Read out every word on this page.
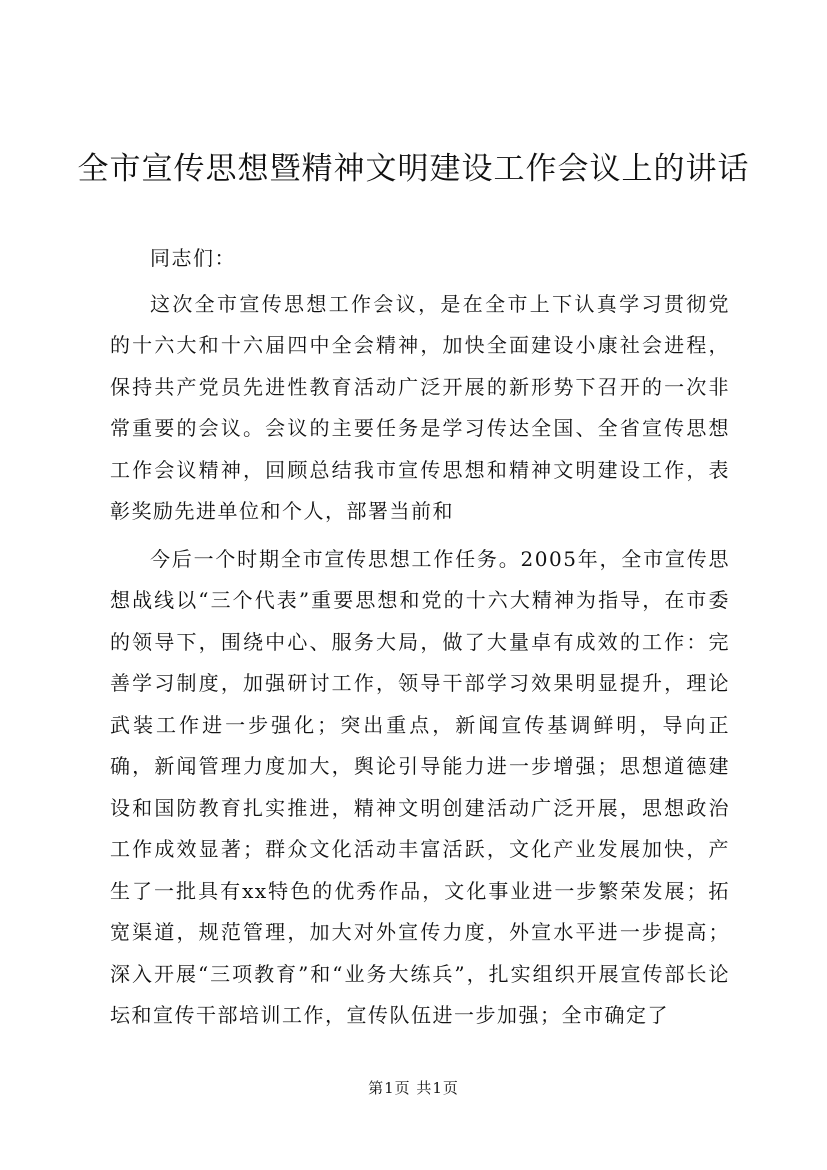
全市宣传思想暨精神文明建设工作会议上的讲话

同志们：

这次全市宣传思想工作会议，是在全市上下认真学习贯彻党的十六大和十六届四中全会精神，加快全面建设小康社会进程，保持共产党员先进性教育活动广泛开展的新形势下召开的一次非常重要的会议。会议的主要任务是学习传达全国、全省宣传思想工作会议精神，回顾总结我市宣传思想和精神文明建设工作，表彰奖励先进单位和个人，部署当前和

今后一个时期全市宣传思想工作任务。2005年，全市宣传思想战线以“三个代表”重要思想和党的十六大精神为指导，在市委的领导下，围绕中心、服务大局，做了大量卓有成效的工作：完善学习制度，加强研讨工作，领导干部学习效果明显提升，理论武装工作进一步强化；突出重点，新闻宣传基调鲜明，导向正确，新闻管理力度加大，舆论引导能力进一步增强；思想道德建设和国防教育扎实推进，精神文明创建活动广泛开展，思想政治工作成效显著；群众文化活动丰富活跃，文化产业发展加快，产生了一批具有xx特色的优秀作品，文化事业进一步繁荣发展；拓宽渠道，规范管理，加大对外宣传力度，外宣水平进一步提高；深入开展“三项教育”和“业务大练兵”，扎实组织开展宣传部长论坛和宣传干部培训工作，宣传队伍进一步加强；全市确定了

第1页 共1页
